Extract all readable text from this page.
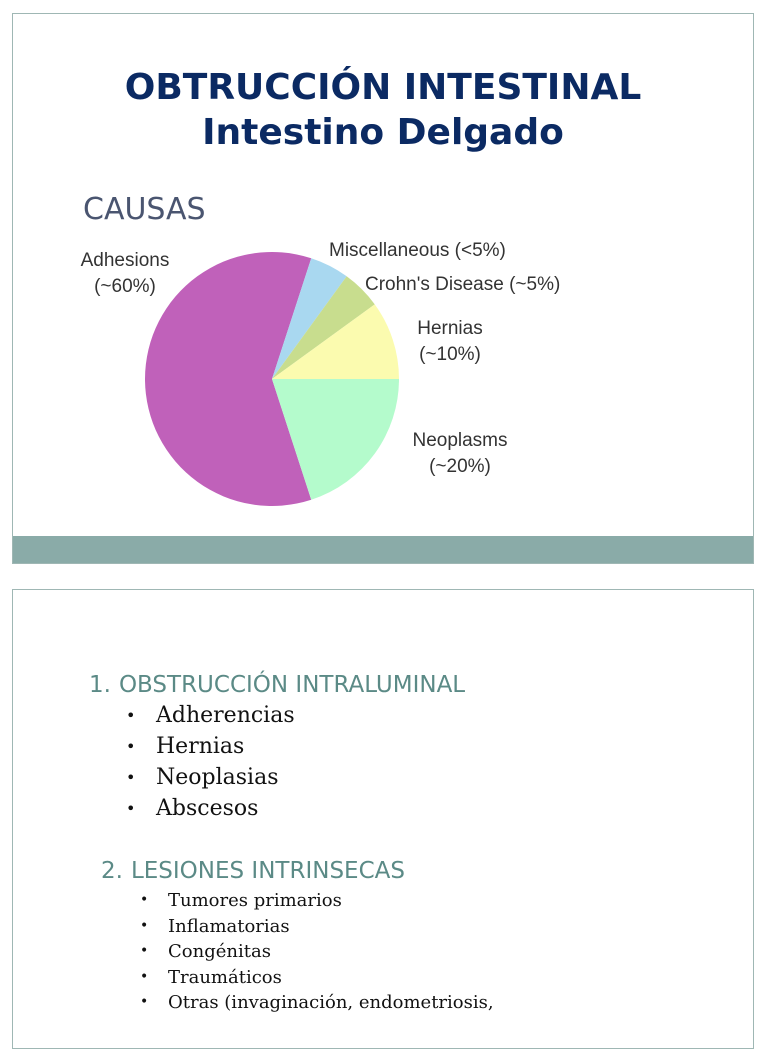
OBTRUCCIÓN INTESTINAL
Intestino Delgado
CAUSAS
Adhesions
(~60%)
Miscellaneous (<5%)
Crohn's Disease (~5%)
Hernias
(~10%)
Neoplasms
(~20%)
1. OBSTRUCCIÓN INTRALUMINAL
• Adherencias
• Hernias
• Neoplasias
• Abscesos
2. LESIONES INTRINSECAS
• Tumores primarios
• Inflamatorias
• Congénitas
• Traumáticos
• Otras (invaginación, endometriosis,
